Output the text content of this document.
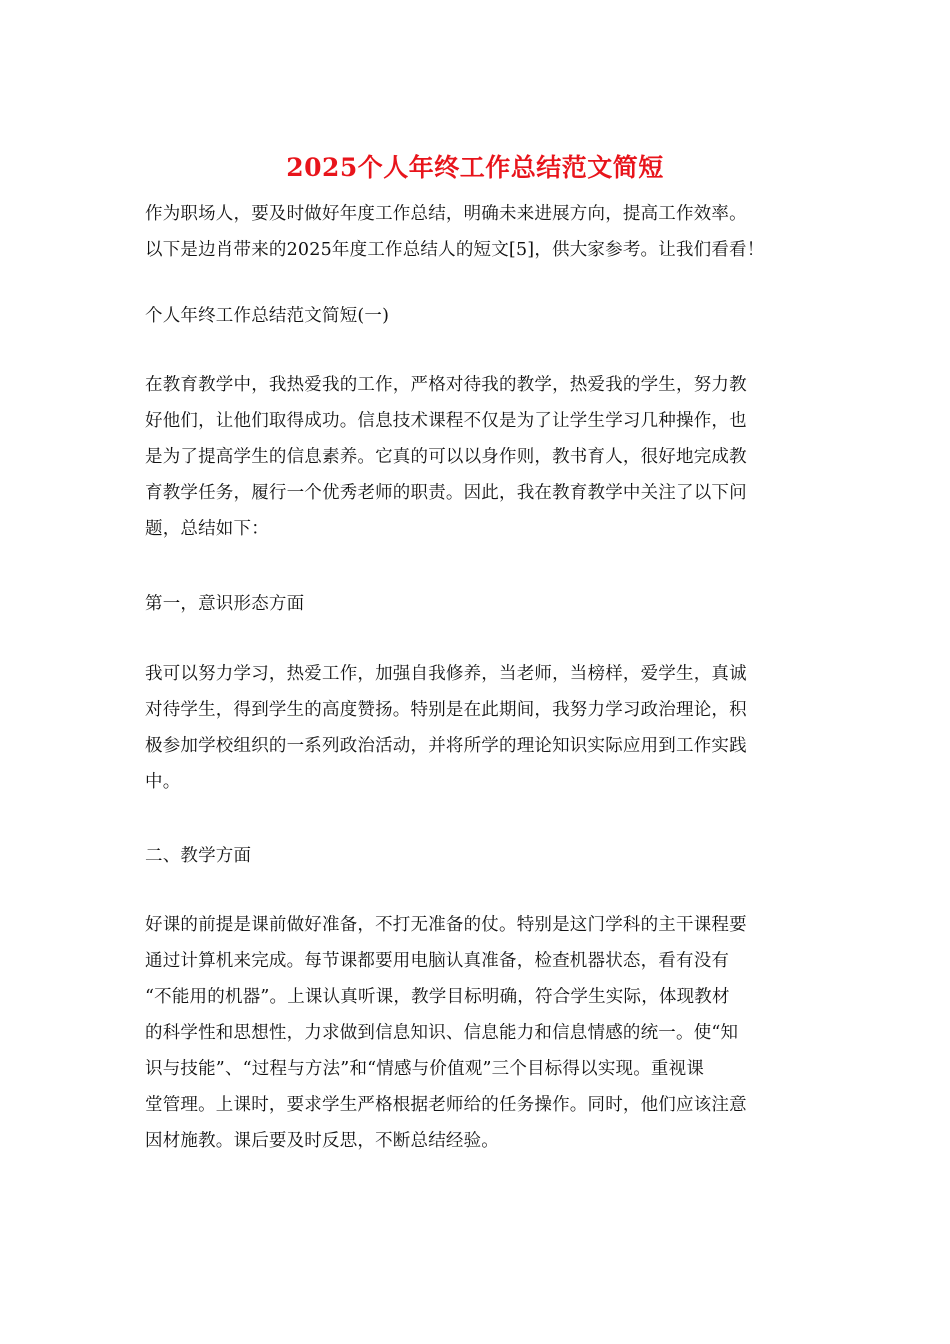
2025个人年终工作总结范文简短
作为职场人，要及时做好年度工作总结，明确未来进展方向，提高工作效率。
以下是边肖带来的2025年度工作总结人的短文[5]，供大家参考。让我们看看！
个人年终工作总结范文简短(一)
在教育教学中，我热爱我的工作，严格对待我的教学，热爱我的学生，努力教
好他们，让他们取得成功。信息技术课程不仅是为了让学生学习几种操作，也
是为了提高学生的信息素养。它真的可以以身作则，教书育人，很好地完成教
育教学任务，履行一个优秀老师的职责。因此，我在教育教学中关注了以下问
题，总结如下：
第一，意识形态方面
我可以努力学习，热爱工作，加强自我修养，当老师，当榜样，爱学生，真诚
对待学生，得到学生的高度赞扬。特别是在此期间，我努力学习政治理论，积
极参加学校组织的一系列政治活动，并将所学的理论知识实际应用到工作实践
中。
二、教学方面
好课的前提是课前做好准备，不打无准备的仗。特别是这门学科的主干课程要
通过计算机来完成。每节课都要用电脑认真准备，检查机器状态，看有没有
“不能用的机器”。上课认真听课，教学目标明确，符合学生实际，体现教材
的科学性和思想性，力求做到信息知识、信息能力和信息情感的统一。使“知
识与技能”、“过程与方法”和“情感与价值观”三个目标得以实现。重视课
堂管理。上课时，要求学生严格根据老师给的任务操作。同时，他们应该注意
因材施教。课后要及时反思，不断总结经验。
